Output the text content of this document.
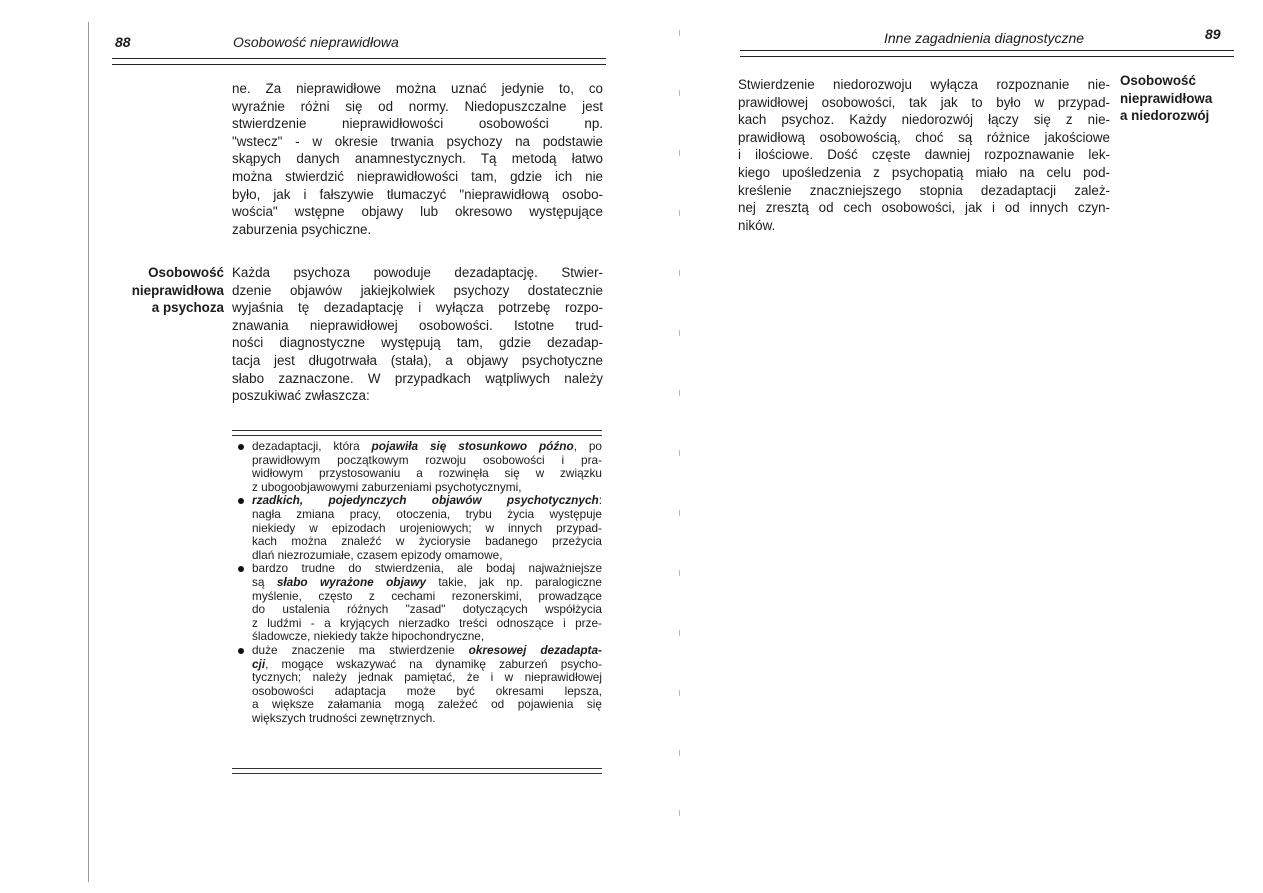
88	Osobowość nieprawidłowa
ne. Za nieprawidłowe można uznać jedynie to, co
wyraźnie różni się od normy. Niedopuszczalne jest
stwierdzenie nieprawidłowości osobowości np.
"wstecz" - w okresie trwania psychozy na podstawie
skąpych danych anamnestycznych. Tą metodą łatwo
można stwierdzić nieprawidłowości tam, gdzie ich nie
było, jak i fałszywie tłumaczyć "nieprawidłową osobo-
wościa" wstępne objawy lub okresowo występujące
zaburzenia psychiczne.
Osobowość
nieprawidłowa
a psychoza
Każda psychoza powoduje dezadaptację. Stwier-
dzenie objawów jakiejkolwiek psychozy dostatecznie
wyjaśnia tę dezadaptację i wyłącza potrzebę rozpo-
znawania nieprawidłowej osobowości. Istotne trud-
ności diagnostyczne występują tam, gdzie dezadap-
tacja jest długotrwała (stała), a objawy psychotyczne
słabo zaznaczone. W przypadkach wątpliwych należy
poszukiwać zwłaszcza:
dezadaptacji, która pojawiła się stosunkowo późno, po
prawidłowym początkowym rozwoju osobowości i pra-
widłowym przystosowaniu a rozwinęła się w związku
z ubogoobjawowymi zaburzeniami psychotycznymi,
rzadkich, pojedynczych objawów psychotycznych:
nagła zmiana pracy, otoczenia, trybu życia występuje
niekiedy w epizodach urojeniowych; w innych przypad-
kach można znaleźć w życiorysie badanego przeżycia
dlań niezrozumiałe, czasem epizody omamowe,
bardzo trudne do stwierdzenia, ale bodaj najważniejsze
są słabo wyrażone objawy takie, jak np. paralogiczne
myślenie, często z cechami rezonerskimi, prowadzące
do ustalenia różnych "zasad" dotyczących współżycia
z ludźmi - a kryjących nierzadko treści odnoszące i prze-
śladowcze, niekiedy także hipochondryczne,
duże znaczenie ma stwierdzenie okresowej dezadapta-
cji, mogące wskazywać na dynamikę zaburzeń psycho-
tycznych; należy jednak pamiętać, że i w nieprawidłowej
osobowości adaptacja może być okresami lepsza,
a większe załamania mogą zależeć od pojawienia się
większych trudności zewnętrznych.
Inne zagadnienia diagnostyczne	89
Stwierdzenie niedorozwoju wyłącza rozpoznanie nie-
prawidłowej osobowości, tak jak to było w przypad-
kach psychoz. Każdy niedorozwój łączy się z nie-
prawidłową osobowością, choć są różnice jakościowe
i ilościowe. Dość częste dawniej rozpoznawanie lek-
kiego upośledzenia z psychopatią miało na celu pod-
kreślenie znaczniejszego stopnia dezadaptacji zależ-
nej zresztą od cech osobowości, jak i od innych czyn-
ników.
Osobowość
nieprawidłowa
a niedorozwój
